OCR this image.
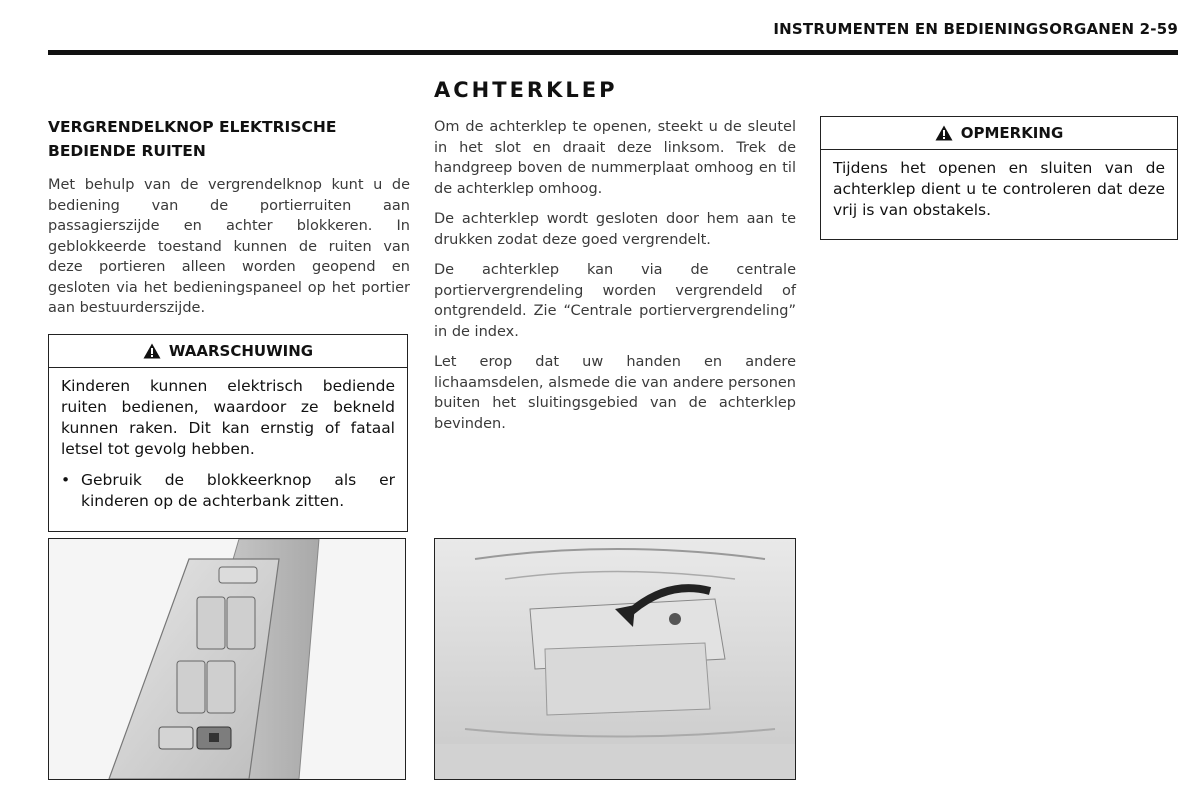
INSTRUMENTEN EN BEDIENINGSORGANEN 2-59
VERGRENDELKNOP ELEKTRISCHE BEDIENDE RUITEN

Met behulp van de vergrendelknop kunt u de bediening van de portierruiten aan passagierszijde en achter blokkeren. In geblokkeerde toestand kunnen de ruiten van deze portieren alleen worden geopend en gesloten via het bedieningspaneel op het portier aan bestuurderszijde.

WAARSCHUWING

Kinderen kunnen elektrisch bediende ruiten bedienen, waardoor ze bekneld kunnen raken. Dit kan ernstig of fataal letsel tot gevolg hebben.

• Gebruik de blokkeerknop als er kinderen op de achterbank zitten.
ACHTERKLEP

Om de achterklep te openen, steekt u de sleutel in het slot en draait deze linksom. Trek de handgreep boven de nummerplaat omhoog en til de achterklep omhoog.

De achterklep wordt gesloten door hem aan te drukken zodat deze goed vergrendelt.

De achterklep kan via de centrale portiervergrendeling worden vergrendeld of ontgrendeld. Zie “Centrale portiervergrendeling” in de index.

Let erop dat uw handen en andere lichaamsdelen, alsmede die van andere personen buiten het sluitingsgebied van de achterklep bevinden.

OPMERKING

Tijdens het openen en sluiten van de achterklep dient u te controleren dat deze vrij is van obstakels.
